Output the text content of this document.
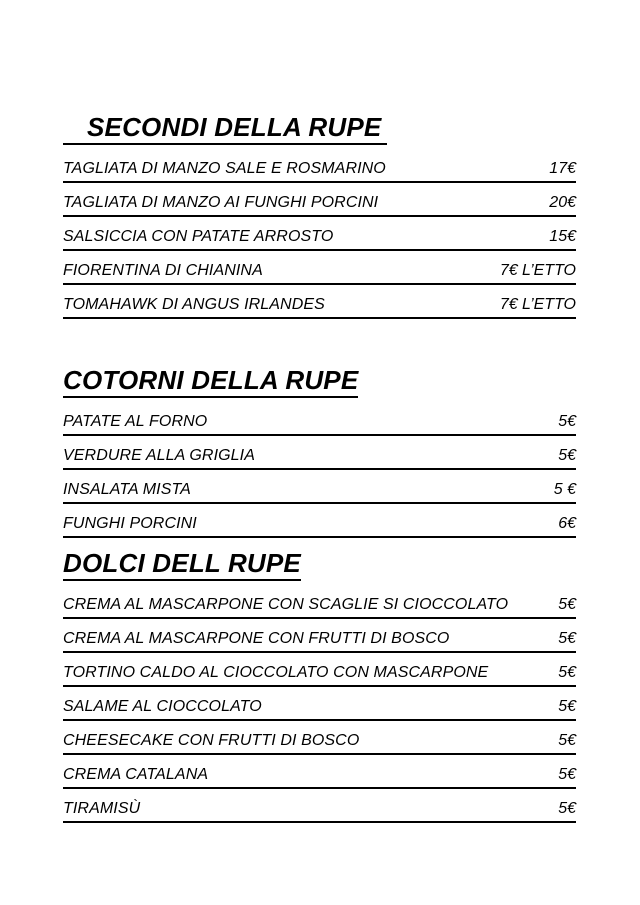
SECONDI DELLA RUPE
TAGLIATA DI MANZO SALE E ROSMARINO	17€
TAGLIATA DI MANZO AI FUNGHI PORCINI	20€
SALSICCIA CON PATATE ARROSTO	15€
FIORENTINA DI CHIANINA	7€ L’ETTO
TOMAHAWK DI ANGUS IRLANDES	7€ L’ETTO
COTORNI DELLA RUPE
PATATE AL FORNO	5€
VERDURE ALLA GRIGLIA	5€
INSALATA MISTA	5 €
FUNGHI PORCINI	6€
DOLCI DELL RUPE
CREMA AL MASCARPONE CON SCAGLIE SI CIOCCOLATO	5€
CREMA AL MASCARPONE CON FRUTTI DI BOSCO	5€
TORTINO CALDO AL CIOCCOLATO CON MASCARPONE	5€
SALAME AL CIOCCOLATO	5€
CHEESECAKE CON FRUTTI DI BOSCO	5€
CREMA CATALANA	5€
TIRAMISÙ	5€
